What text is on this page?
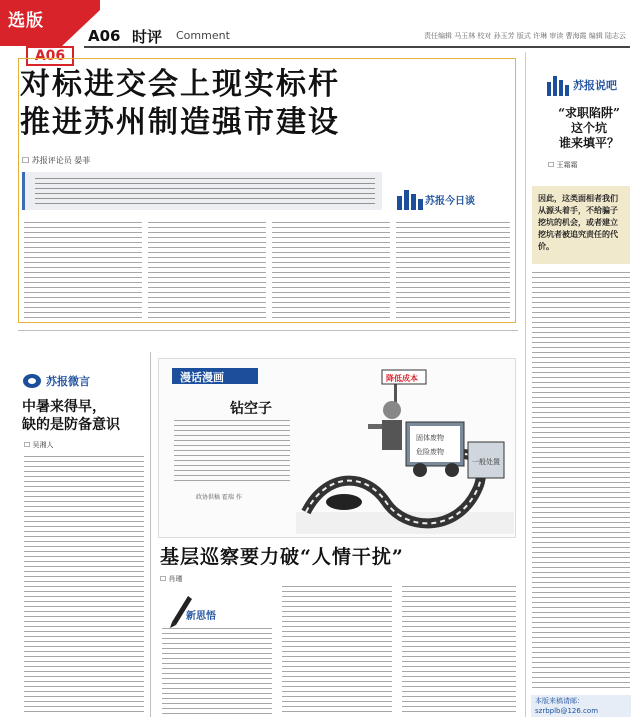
选版
A06
A06 时评 Comment	责任编辑 马玉林 校对 孙玉芳 版式 许琳 审读 曹海霞 编辑 陆志云
对标进交会上现实标杆
推进苏州制造强市建设
☐ 苏报评论员 晏菲
苏报今日谈
苏报说吧
“求职陷阱”
这个坑
谁来填平？
☐ 王霜霜
因此，这类面相者我们从源头着手，不给骗子挖坑的机会，或者建立挖坑者被追究责任的代价。
本版来稿请邮：
szrbplb@126.com
苏报微言
中暑来得早，
缺的是防备意识
☐ 吴湘人
漫话漫画
钻空子
政协供稿 霍瑞 作
降低成本
固体废物
危险废物
一般处置
基层巡察要力破“人情干扰”
☐ 肖瑾
新思悟
